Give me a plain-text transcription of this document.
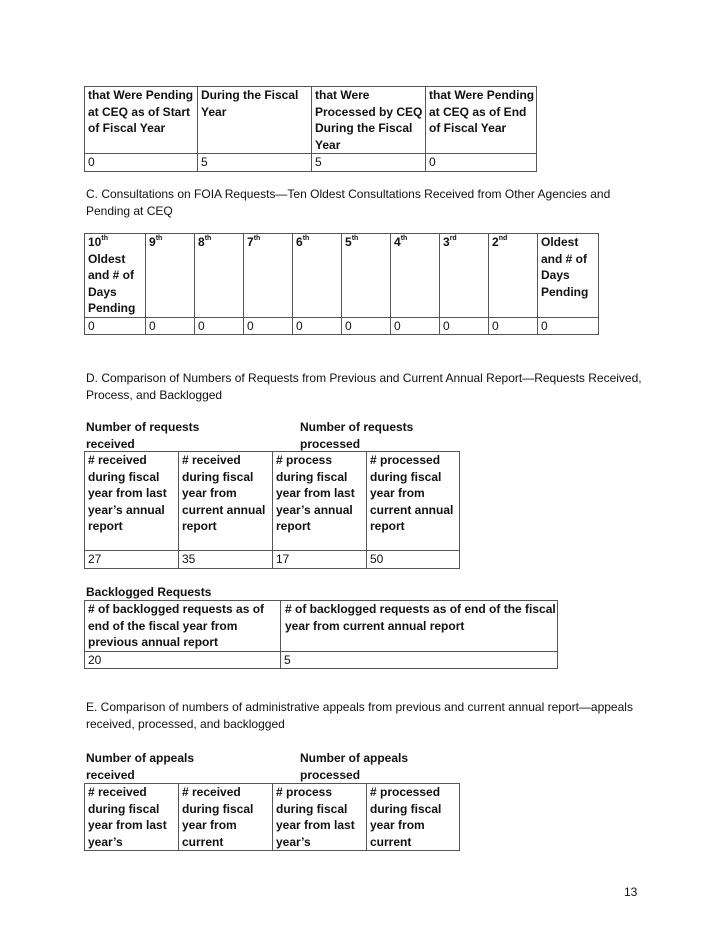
that Were Pending at CEQ as of Start of Fiscal Year	During the Fiscal Year	that Were Processed by CEQ During the Fiscal Year	that Were Pending at CEQ as of End of Fiscal Year
0	5	5	0
C. Consultations on FOIA Requests—Ten Oldest Consultations Received from Other Agencies and Pending at CEQ
10th Oldest and # of Days Pending	9th	8th	7th	6th	5th	4th	3rd	2nd	Oldest and # of Days Pending
0	0	0	0	0	0	0	0	0	0
D. Comparison of Numbers of Requests from Previous and Current Annual Report—Requests Received, Process, and Backlogged
Number of requests received
Number of requests processed
# received during fiscal year from last year’s annual report	# received during fiscal year from current annual report	# process during fiscal year from last year’s annual report	# processed during fiscal year from current annual report
27	35	17	50
Backlogged Requests
# of backlogged requests as of end of the fiscal year from previous annual report	# of backlogged requests as of end of the fiscal year from current annual report
20	5
E. Comparison of numbers of administrative appeals from previous and current annual report—appeals received, processed, and backlogged
Number of appeals received
Number of appeals processed
# received during fiscal year from last year’s	# received during fiscal year from current	# process during fiscal year from last year’s	# processed during fiscal year from current
13
